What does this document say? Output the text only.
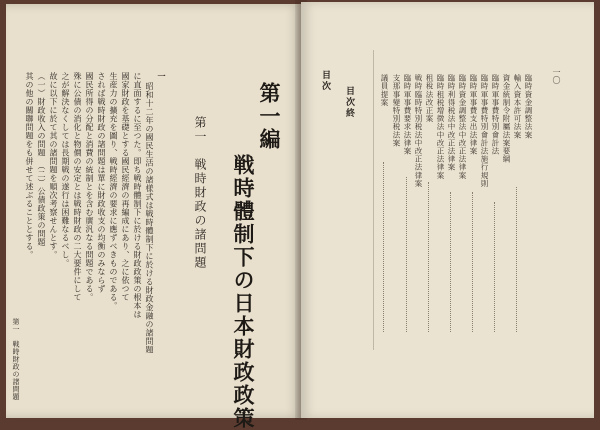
第一編
戦時體制下の日本財政政策
第一　戦時財政の諸問題
一
昭和十二年の國民生活の諸様式は戦時體制下に於ける財政金融の諸問題
に直面するに至つた。即ち戦時體制下に於ける財政政策の根本は
國家財政を基礎とする國民經濟の再編成にあり、之に依つて
生産力の擴充を圖り、戦時經濟の要求に應ずべきものである。
されば戦時財政の諸問題は單に財政收支の均衡のみならず
國民所得の分配と消費の統制とを含む廣汎なる問題である。
殊に公債の消化と物價の安定とは戦時財政の二大要件にして
之が解決なくしては長期戦の遂行は困難なるべし。
故に以下に於て其の諸問題を順次考察せんとす。
（一）財政收入の問題　（二）公債政策の問題
其の他の關聯問題をも併せて述ぶることとする。
第一　戦時財政の諸問題
目次
目次終	議員提案 支那事變特別税法案 臨時軍事費要求法律案 戦時臨時特別税法中改正法律案 租稅法改正案 臨時租税增徴法中改正法律案 臨時利得税法中改正法律案 臨時資金調整法中改正法律案 臨時軍事費支出法律案 臨時軍事費特別會計法施行規則 臨時軍事費特別會計法 資金統制令附屬法案要綱 輸入資本許可法案 臨時資金調整法案 一〇
